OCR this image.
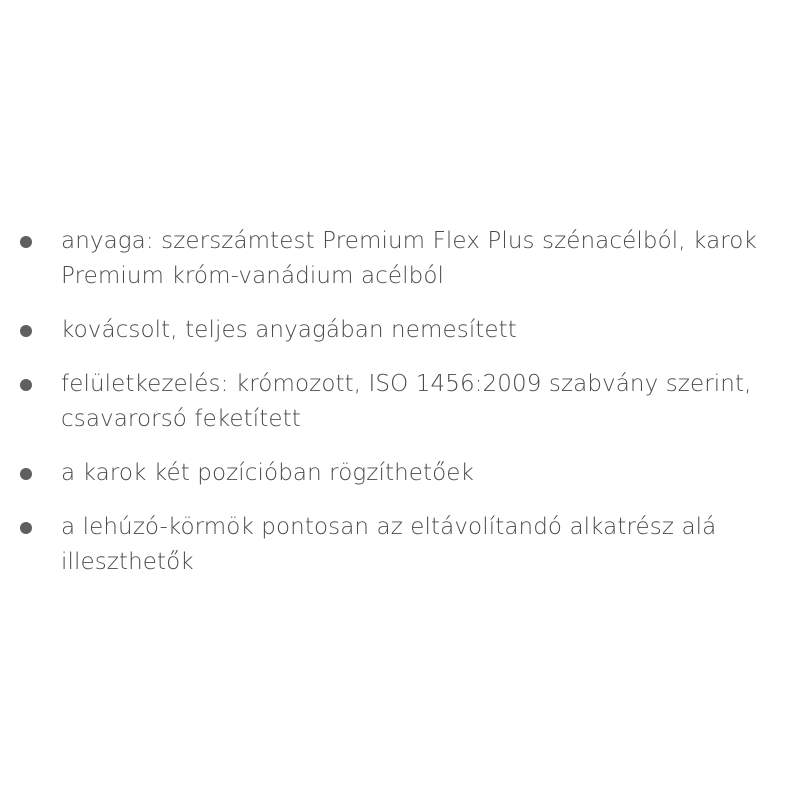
anyaga: szerszámtest Premium Flex Plus szénacélból, karok Premium króm-vanádium acélból
kovácsolt, teljes anyagában nemesített
felületkezelés: krómozott, ISO 1456:2009 szabvány szerint, csavarorsó feketített
a karok két pozícióban rögzíthetőek
a lehúzó-körmök pontosan az eltávolítandó alkatrész alá illeszthetők
